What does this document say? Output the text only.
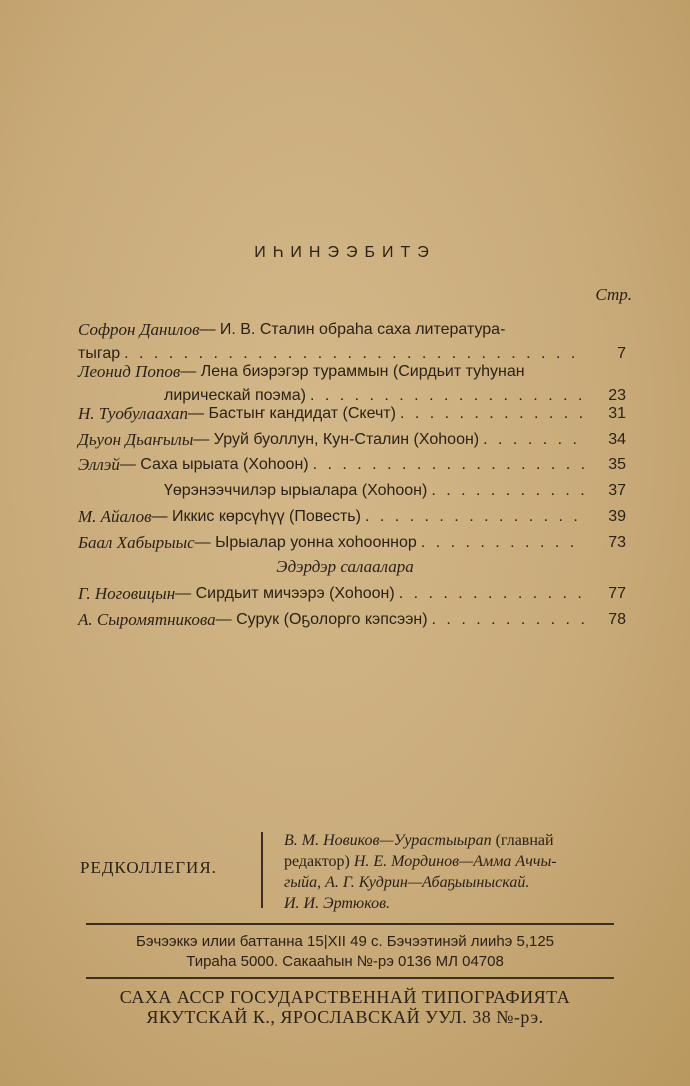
ИҺИНЭЭБИТЭ
Стр.
Софрон Данилов — И. В. Сталин обраһа саха литература-
тыгар . . .	7
Леонид Попов — Лена биэрэгэр тураммын (Сирдьит туһунан
лирическай поэма) . . .	23
Н. Туобулаахап — Бастыҥ кандидат (Скечт) . . .	31
Дьуон Дьаҥылы — Уруй буоллун, Кун-Сталин (Хоһоон) . . .	34
Эллэй — Саха ырыата (Хоһоон) . . .	35
Үөрэнээччилэр ырыалара (Хоһоон) . . .	37
М. Айалов — Иккис көрсүһүү (Повесть) . . .	39
Баал Хабырыыс — Ырыалар уонна хоһооннор . . .	73
Эдэрдэр салаалара
Г. Ноговицын — Сирдьит мичээрэ (Хоһоон) . . .	77
А. Сыромятникова — Сурук (Оҕолорго кэпсээн) . . .	78
РЕДКОЛЛЕГИЯ.
В. М. Новиков—Уурастыырап (главнай
редактор) Н. Е. Мординов—Амма Аччы-
гыйа, А. Г. Кудрин—Абаҕыыныскай.
И. И. Эртюков.
Бэчээккэ илии баттанна 15|XII 49 с. Бэчээтинэй лииһэ 5,125
Тираһа 5000. Сакааһын №-рэ 0136 МЛ 04708
САХА АССР ГОСУДАРСТВЕННАЙ ТИПОГРАФИЯТА
ЯКУТСКАЙ К., ЯРОСЛАВСКАЙ УУЛ. 38 №-рэ.
